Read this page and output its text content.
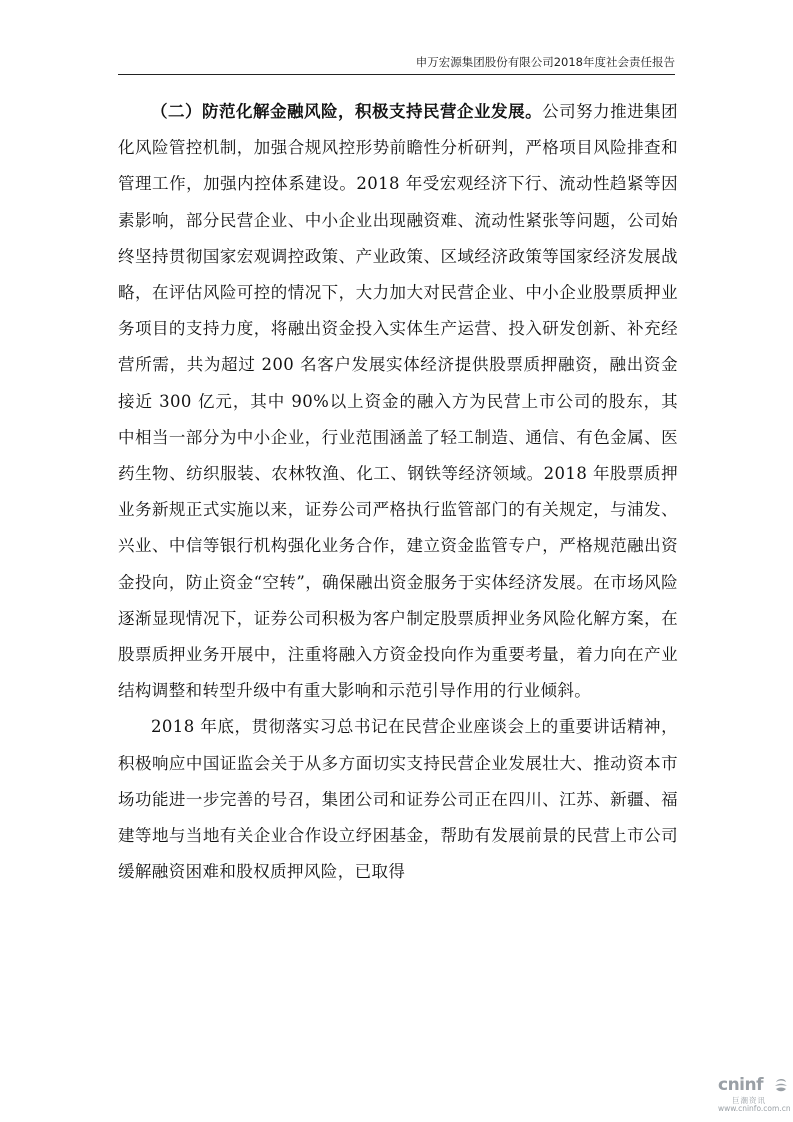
申万宏源集团股份有限公司2018年度社会责任报告

（二）防范化解金融风险，积极支持民营企业发展。公司努力推进集团化风险管控机制，加强合规风控形势前瞻性分析研判，严格项目风险排查和管理工作，加强内控体系建设。2018 年受宏观经济下行、流动性趋紧等因素影响，部分民营企业、中小企业出现融资难、流动性紧张等问题，公司始终坚持贯彻国家宏观调控政策、产业政策、区域经济政策等国家经济发展战略，在评估风险可控的情况下，大力加大对民营企业、中小企业股票质押业务项目的支持力度，将融出资金投入实体生产运营、投入研发创新、补充经营所需，共为超过 200 名客户发展实体经济提供股票质押融资，融出资金接近 300 亿元，其中 90%以上资金的融入方为民营上市公司的股东，其中相当一部分为中小企业，行业范围涵盖了轻工制造、通信、有色金属、医药生物、纺织服装、农林牧渔、化工、钢铁等经济领域。2018 年股票质押业务新规正式实施以来，证券公司严格执行监管部门的有关规定，与浦发、兴业、中信等银行机构强化业务合作，建立资金监管专户，严格规范融出资金投向，防止资金“空转”，确保融出资金服务于实体经济发展。在市场风险逐渐显现情况下，证券公司积极为客户制定股票质押业务风险化解方案，在股票质押业务开展中，注重将融入方资金投向作为重要考量，着力向在产业结构调整和转型升级中有重大影响和示范引导作用的行业倾斜。

2018 年底，贯彻落实习总书记在民营企业座谈会上的重要讲话精神，积极响应中国证监会关于从多方面切实支持民营企业发展壮大、推动资本市场功能进一步完善的号召，集团公司和证券公司正在四川、江苏、新疆、福建等地与当地有关企业合作设立纾困基金，帮助有发展前景的民营上市公司缓解融资困难和股权质押风险，已取得

cninf
巨潮资讯
www.cninfo.com.cn
